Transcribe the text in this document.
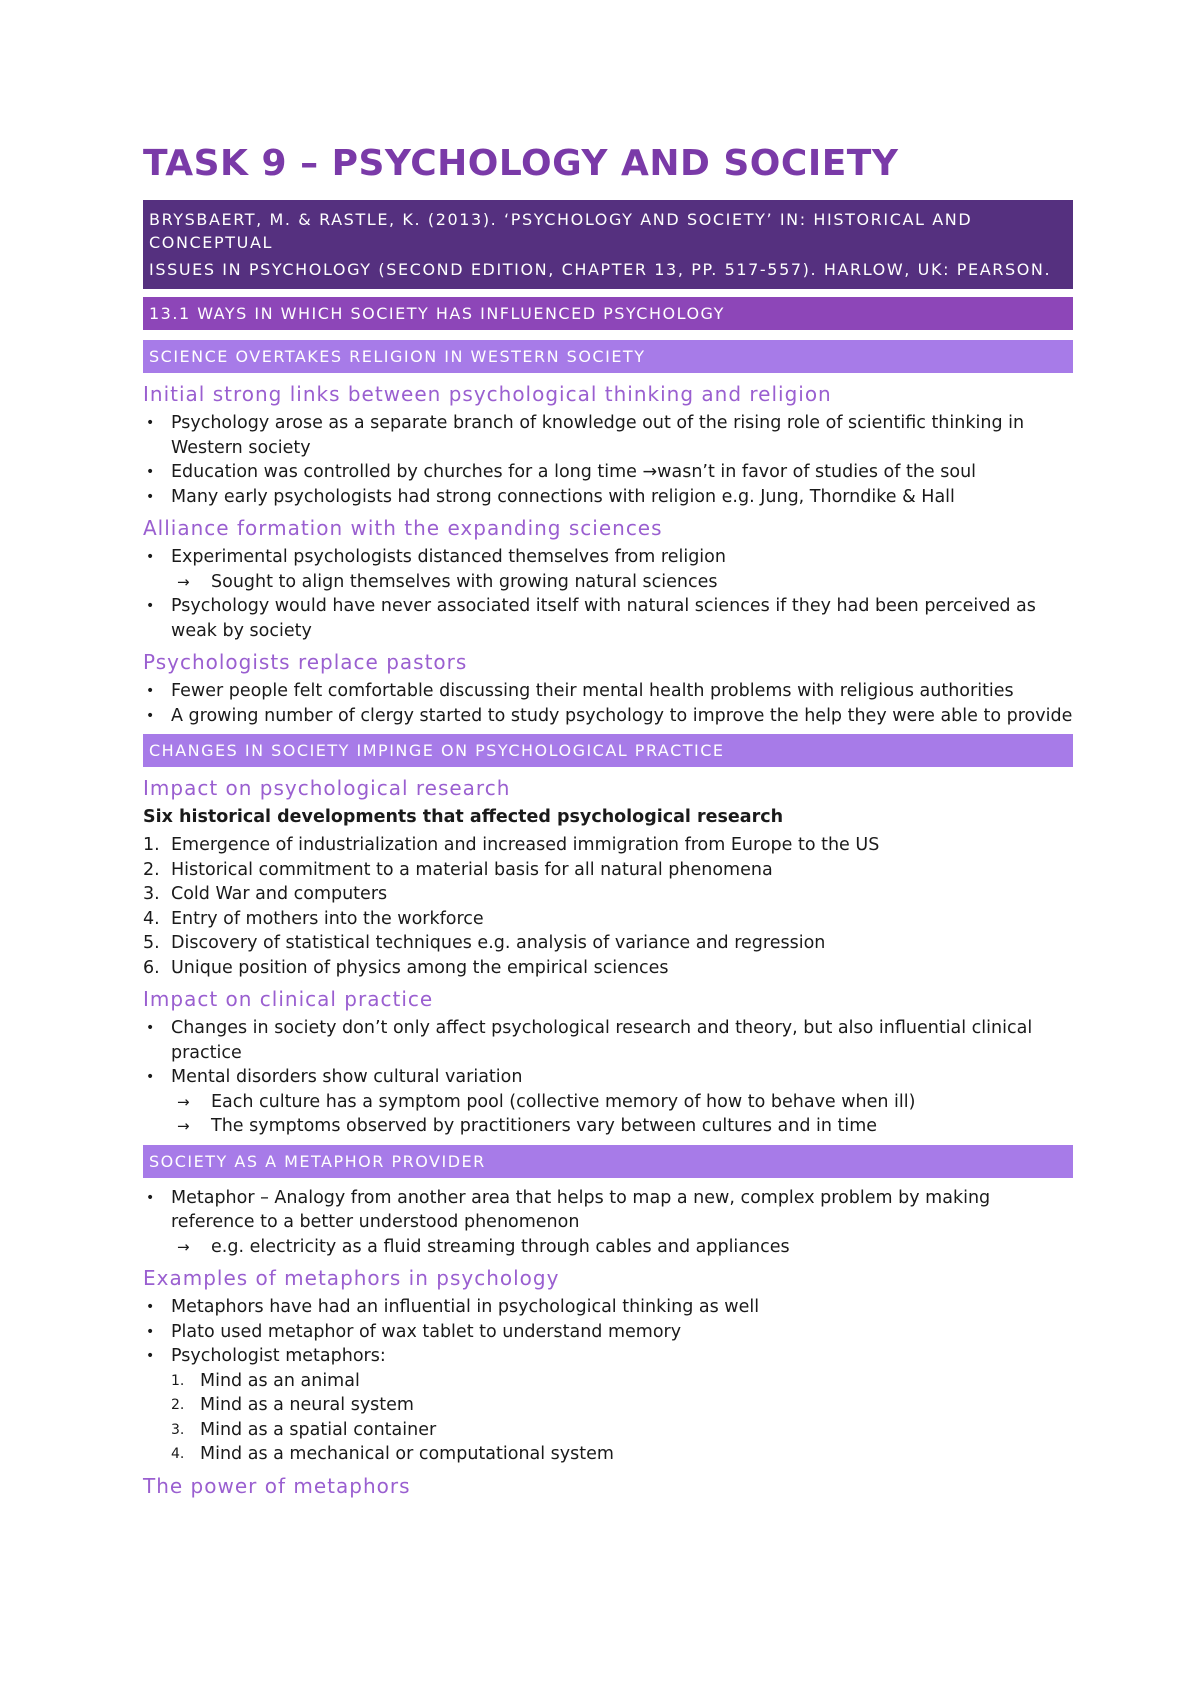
TASK 9 – PSYCHOLOGY AND SOCIETY

BRYSBAERT, M. & RASTLE, K. (2013). ‘PSYCHOLOGY AND SOCIETY’ IN: HISTORICAL AND CONCEPTUAL

ISSUES IN PSYCHOLOGY (SECOND EDITION, CHAPTER 13, PP. 517-557). HARLOW, UK: PEARSON.

13.1 WAYS IN WHICH SOCIETY HAS INFLUENCED PSYCHOLOGY
SCIENCE OVERTAKES RELIGION IN WESTERN SOCIETY
Initial strong links between psychological thinking and religion
• Psychology arose as a separate branch of knowledge out of the rising role of scientific thinking in Western society
• Education was controlled by churches for a long time →wasn’t in favor of studies of the soul
• Many early psychologists had strong connections with religion e.g. Jung, Thorndike & Hall
Alliance formation with the expanding sciences
• Experimental psychologists distanced themselves from religion
→	Sought to align themselves with growing natural sciences
• Psychology would have never associated itself with natural sciences if they had been perceived as weak by society
Psychologists replace pastors
• Fewer people felt comfortable discussing their mental health problems with religious authorities
• A growing number of clergy started to study psychology to improve the help they were able to provide
CHANGES IN SOCIETY IMPINGE ON PSYCHOLOGICAL PRACTICE
Impact on psychological research
Six historical developments that affected psychological research
1. Emergence of industrialization and increased immigration from Europe to the US
2. Historical commitment to a material basis for all natural phenomena
3. Cold War and computers
4. Entry of mothers into the workforce
5. Discovery of statistical techniques e.g. analysis of variance and regression
6. Unique position of physics among the empirical sciences
Impact on clinical practice
• Changes in society don’t only affect psychological research and theory, but also influential clinical practice
• Mental disorders show cultural variation
→	Each culture has a symptom pool (collective memory of how to behave when ill)
→	The symptoms observed by practitioners vary between cultures and in time
SOCIETY AS A METAPHOR PROVIDER
• Metaphor – Analogy from another area that helps to map a new, complex problem by making reference to a better understood phenomenon
→	e.g. electricity as a fluid streaming through cables and appliances
Examples of metaphors in psychology
• Metaphors have had an influential in psychological thinking as well
• Plato used metaphor of wax tablet to understand memory
• Psychologist metaphors:
1. Mind as an animal
2. Mind as a neural system
3. Mind as a spatial container
4. Mind as a mechanical or computational system
The power of metaphors
